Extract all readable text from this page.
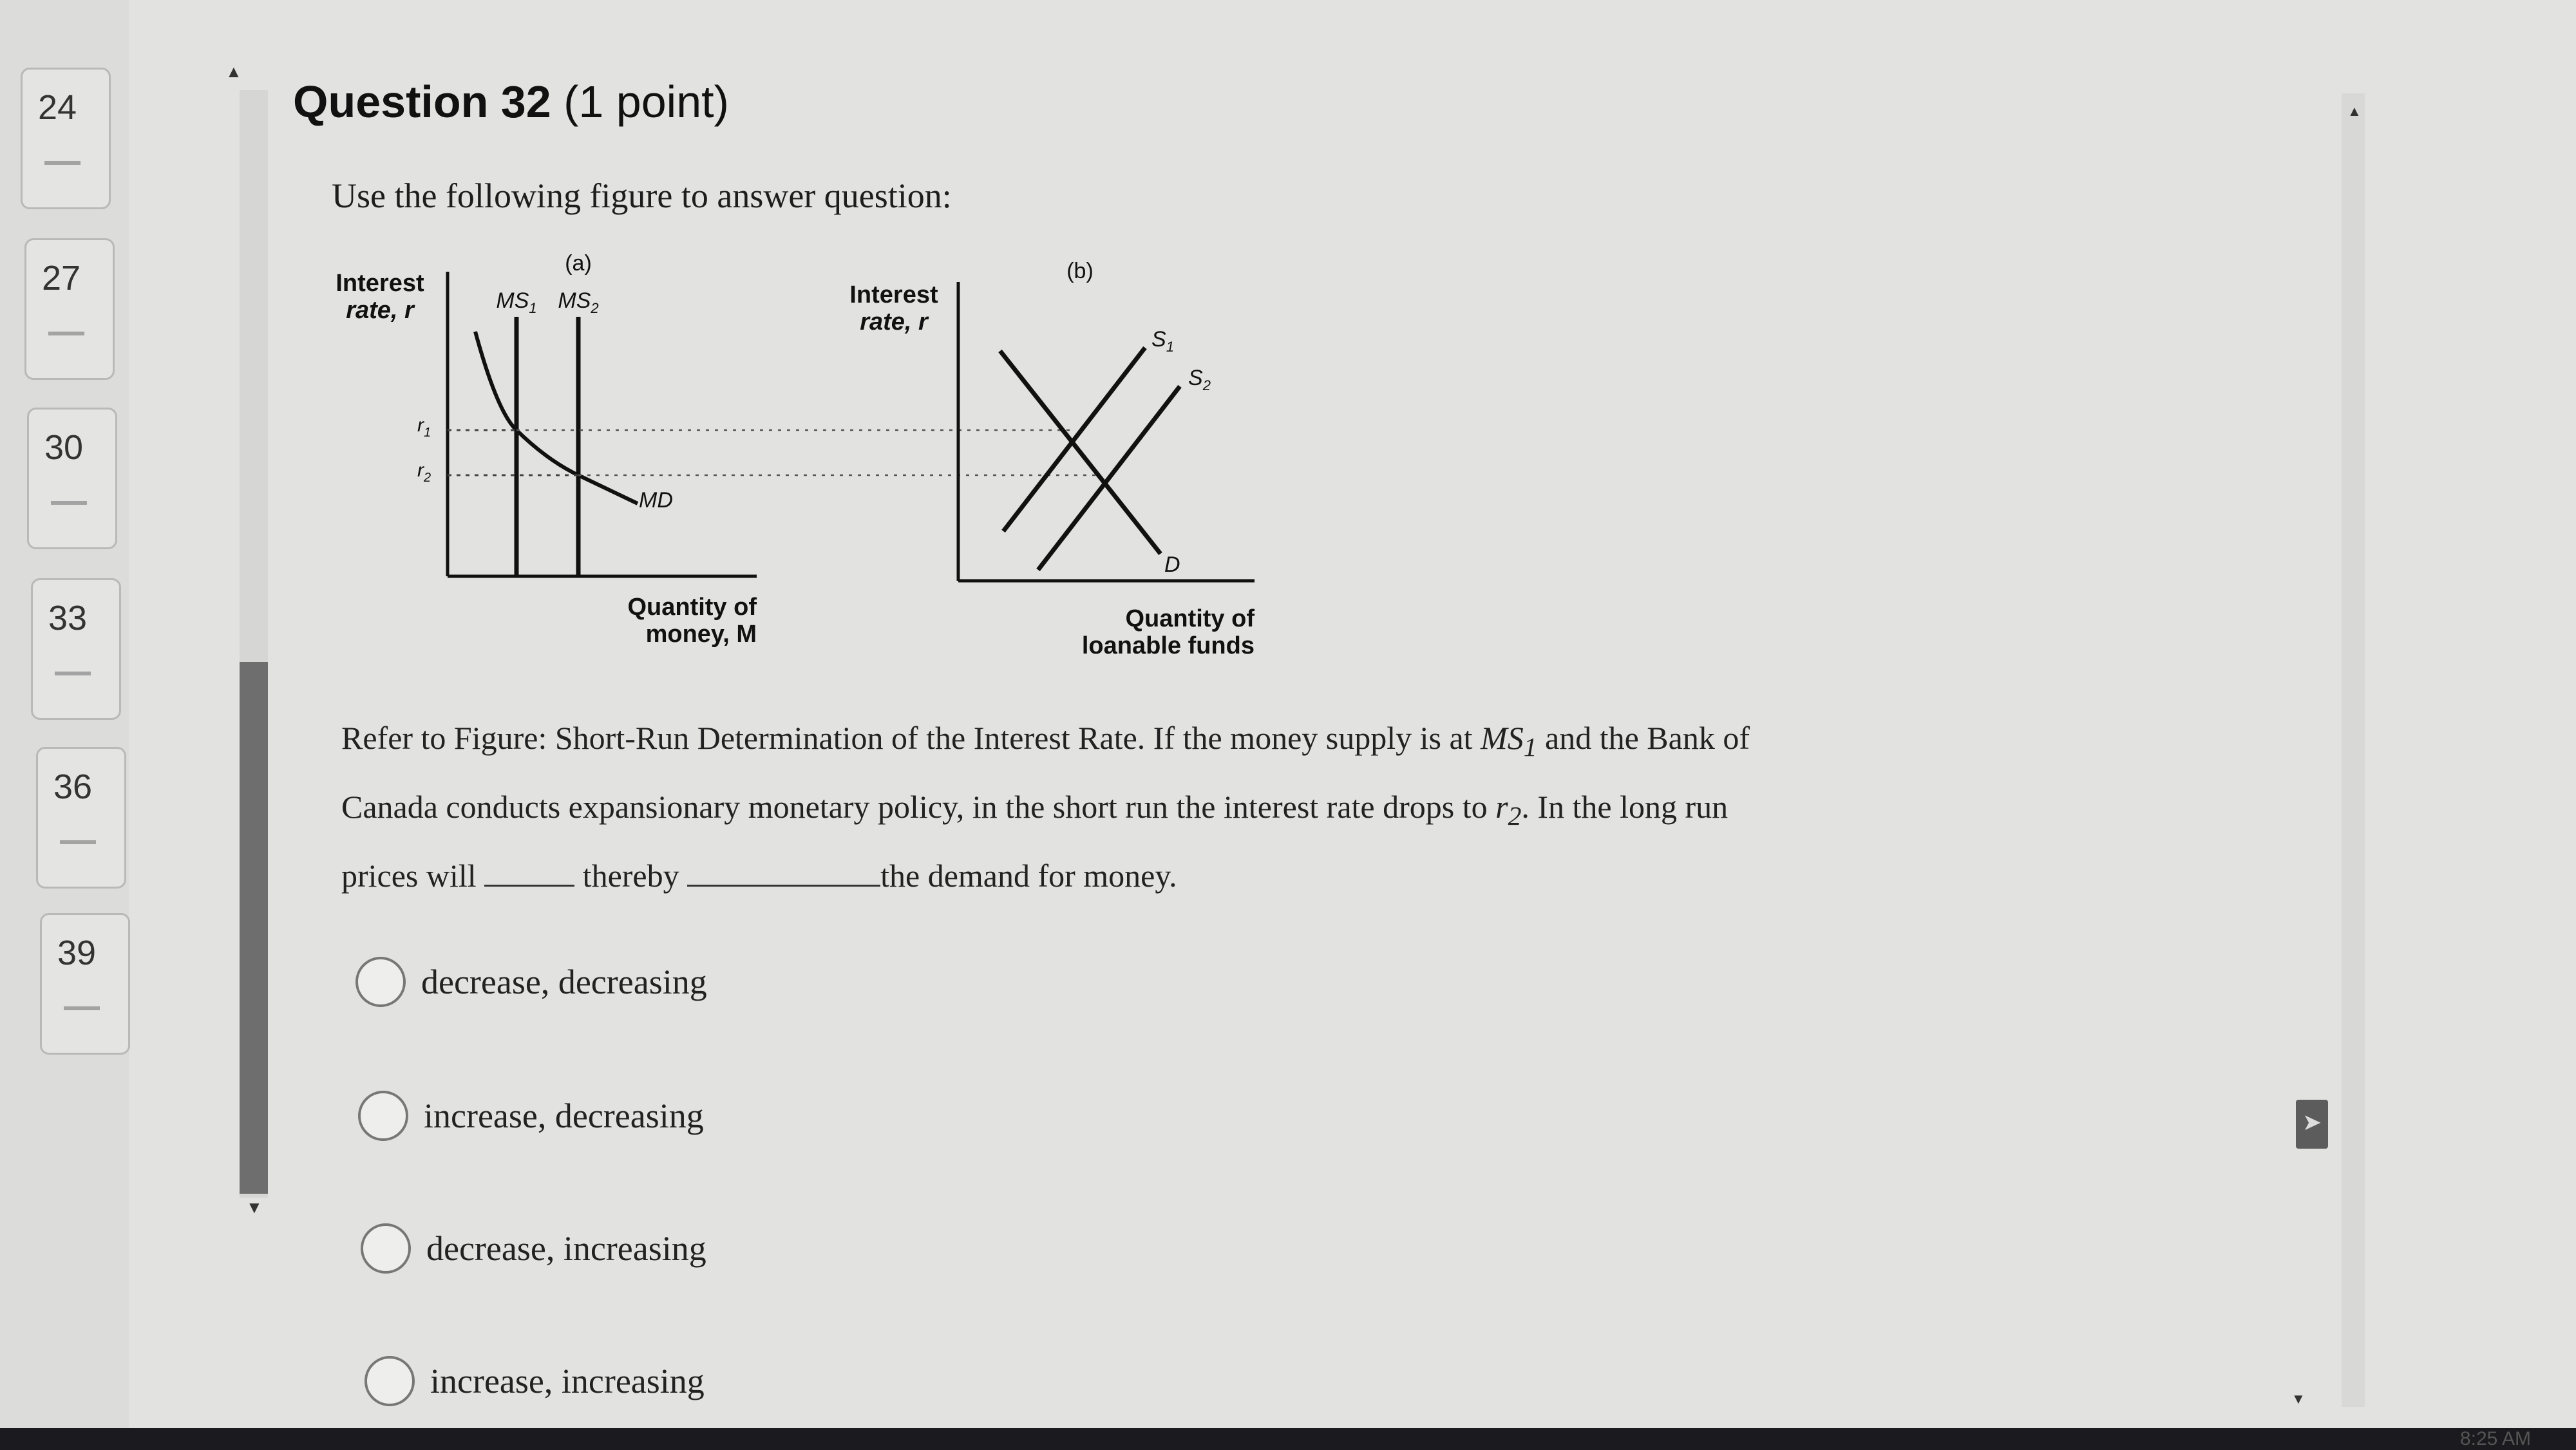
24
27
30
33
36
39
▲
▼
Question 32 (1 point)
Use the following figure to answer question:
(a)
Interest
rate, r
$r_1$
$r_2$
$MS_1$ $MS_2$
MD
Quantity of
money, M
(b)
Interest
rate, r
$S_1$
$S_2$
D
Quantity of
loanable funds
Refer to Figure: Short-Run Determination of the Interest Rate. If the money supply is at $MS_1$ and the Bank of
Canada conducts expansionary monetary policy, in the short run the interest rate drops to $r_2$. In the long run
prices will	thereby	the demand for money.
decrease, decreasing
increase, decreasing
decrease, increasing
increase, increasing
▲
▼
➤
8:25 AM
